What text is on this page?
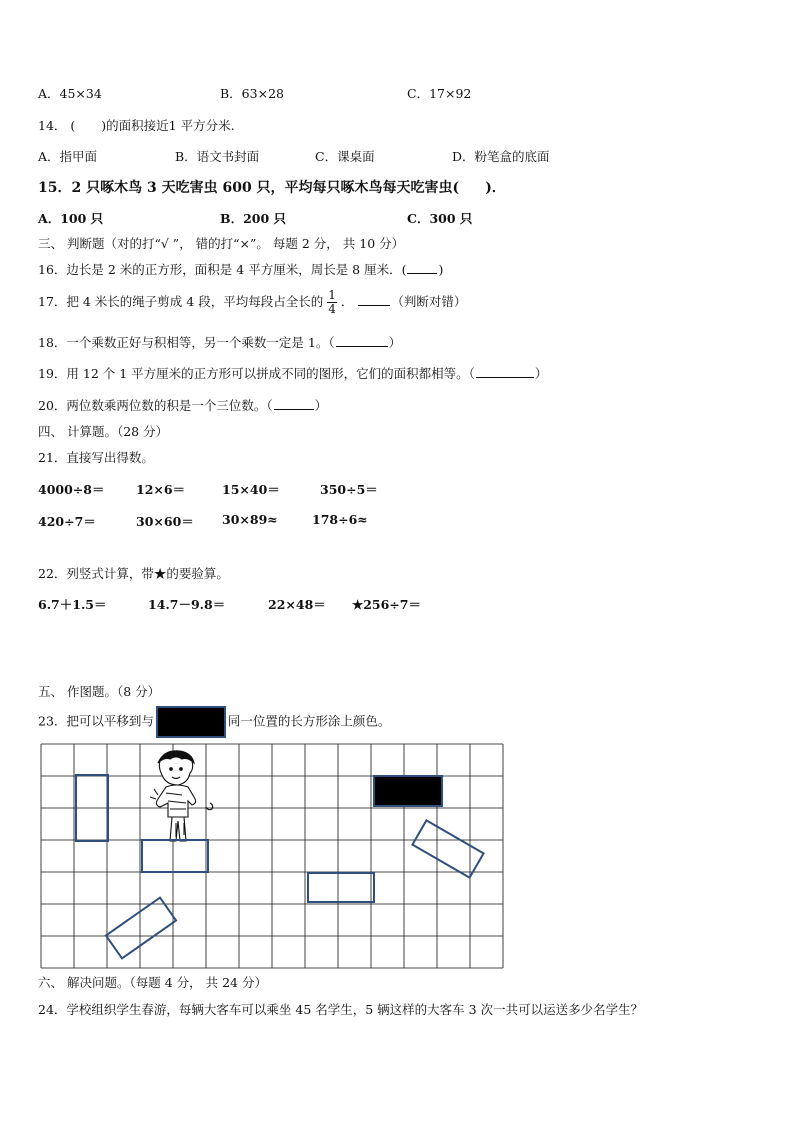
A．45×34	B．63×28	C．17×92
14． ( )的面积接近1 平方分米.
A．指甲面	B．语文书封面	C．课桌面	D．粉笔盒的底面
15．2 只啄木鸟 3 天吃害虫 600 只，平均每只啄木鸟每天吃害虫( )．
A．100 只	B．200 只	C．300 只
三、 判断题（对的打“√ ”， 错的打“×”。 每题 2 分， 共 10 分）
16．边长是 2 米的正方形，面积是 4 平方厘米，周长是 8 厘米．(	)
17．把 4 米长的绳子剪成 4 段，平均每段占全长的 $\frac{1}{4}$ ．	（判断对错）
18．一个乘数正好与积相等，另一个乘数一定是 1。（	）
19．用 12 个 1 平方厘米的正方形可以拼成不同的图形，它们的面积都相等。（	）
20．两位数乘两位数的积是一个三位数。（	）
四、 计算题。（28 分）
21．直接写出得数。
4000÷8＝	12×6＝	15×40＝	350÷5＝
420÷7＝	30×60＝ 30×89≈	178÷6≈
22．列竖式计算，带★的要验算。
6.7＋1.5＝	14.7－9.8＝	22×48＝ ★256÷7＝
五、 作图题。（8 分）
23．把可以平移到与	同一位置的长方形涂上颜色。
六、 解决问题。（每题 4 分， 共 24 分）
24．学校组织学生春游，每辆大客车可以乘坐 45 名学生，5 辆这样的大客车 3 次一共可以运送多少名学生？
